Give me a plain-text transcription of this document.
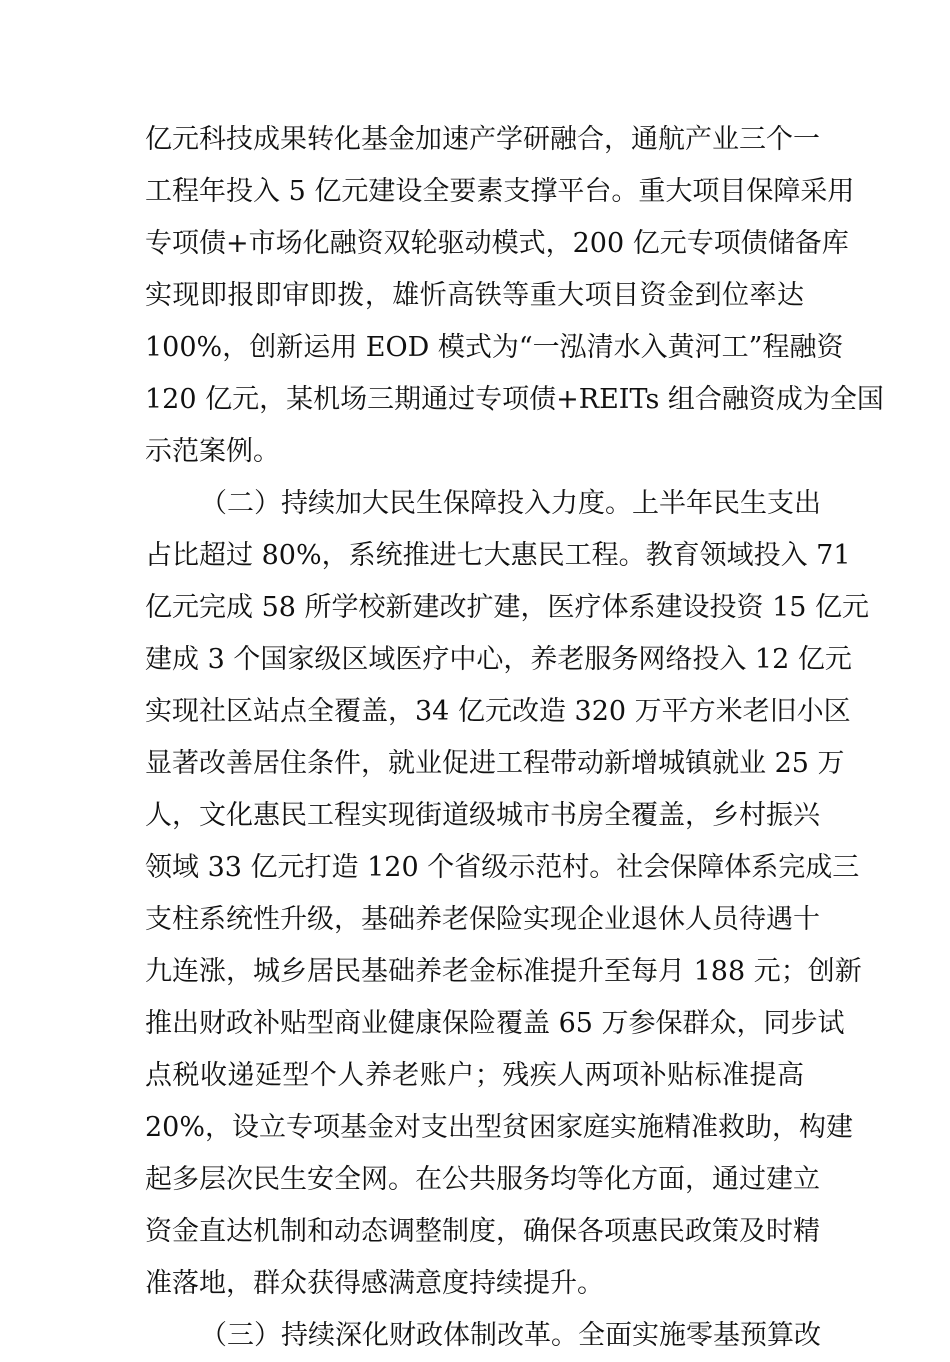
亿元科技成果转化基金加速产学研融合，通航产业三个一
工程年投入 5 亿元建设全要素支撑平台。重大项目保障采用
专项债+市场化融资双轮驱动模式，200 亿元专项债储备库
实现即报即审即拨，雄忻高铁等重大项目资金到位率达
100%，创新运用 EOD 模式为“一泓清水入黄河工”程融资
120 亿元，某机场三期通过专项债+REITs 组合融资成为全国
示范案例。
（二）持续加大民生保障投入力度。上半年民生支出
占比超过 80%，系统推进七大惠民工程。教育领域投入 71
亿元完成 58 所学校新建改扩建，医疗体系建设投资 15 亿元
建成 3 个国家级区域医疗中心，养老服务网络投入 12 亿元
实现社区站点全覆盖，34 亿元改造 320 万平方米老旧小区
显著改善居住条件，就业促进工程带动新增城镇就业 25 万
人，文化惠民工程实现街道级城市书房全覆盖，乡村振兴
领域 33 亿元打造 120 个省级示范村。社会保障体系完成三
支柱系统性升级，基础养老保险实现企业退休人员待遇十
九连涨，城乡居民基础养老金标准提升至每月 188 元；创新
推出财政补贴型商业健康保险覆盖 65 万参保群众，同步试
点税收递延型个人养老账户；残疾人两项补贴标准提高
20%，设立专项基金对支出型贫困家庭实施精准救助，构建
起多层次民生安全网。在公共服务均等化方面，通过建立
资金直达机制和动态调整制度，确保各项惠民政策及时精
准落地，群众获得感满意度持续提升。
（三）持续深化财政体制改革。全面实施零基预算改
